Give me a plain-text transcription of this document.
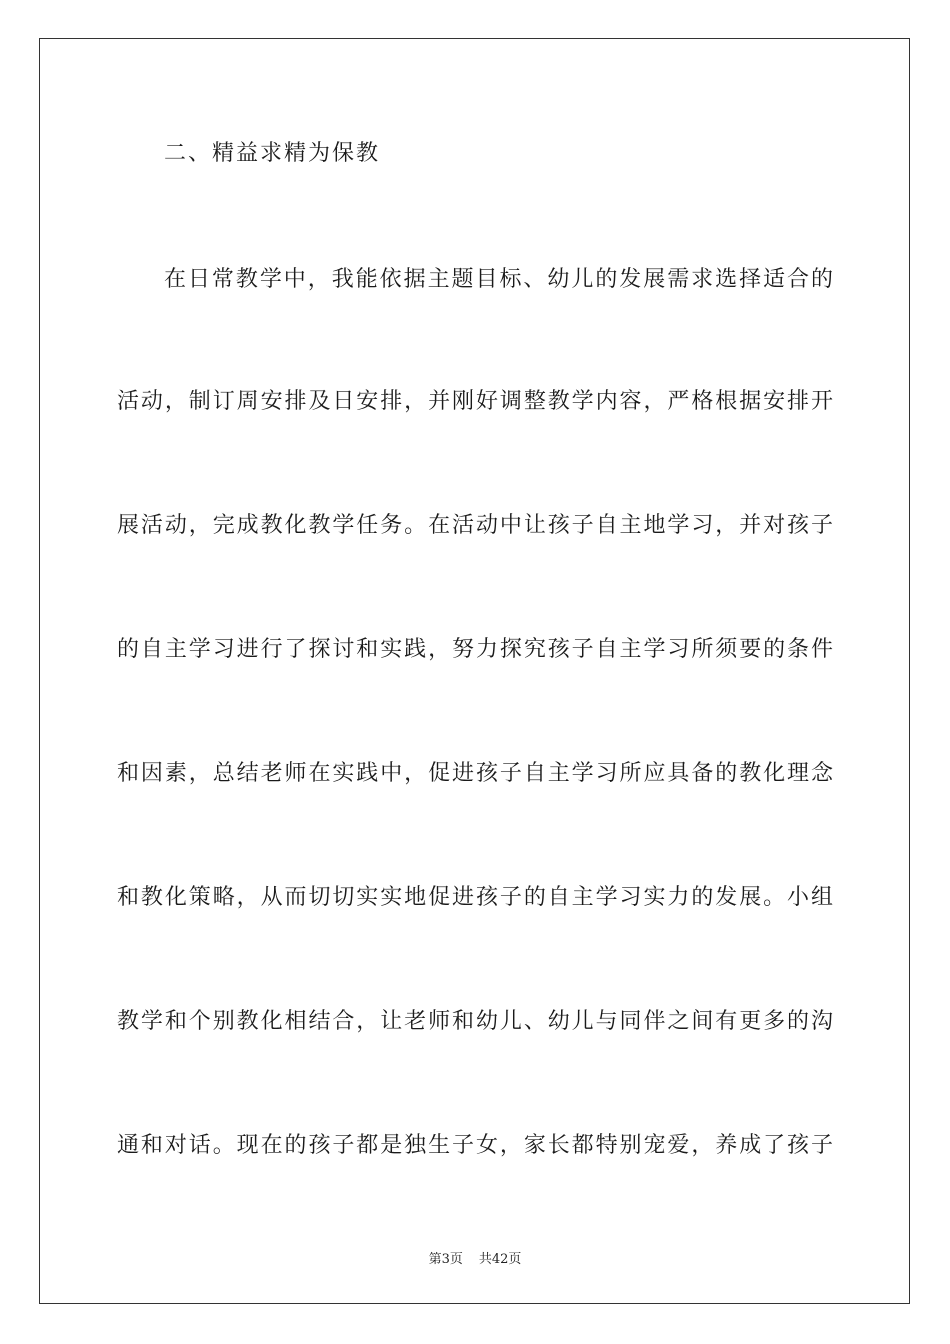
二、精益求精为保教
在日常教学中，我能依据主题目标、幼儿的发展需求选择适合的
活动，制订周安排及日安排，并刚好调整教学内容，严格根据安排开
展活动，完成教化教学任务。在活动中让孩子自主地学习，并对孩子
的自主学习进行了探讨和实践，努力探究孩子自主学习所须要的条件
和因素，总结老师在实践中，促进孩子自主学习所应具备的教化理念
和教化策略，从而切切实实地促进孩子的自主学习实力的发展。小组
教学和个别教化相结合，让老师和幼儿、幼儿与同伴之间有更多的沟
通和对话。现在的孩子都是独生子女，家长都特别宠爱，养成了孩子
第3页 共42页
